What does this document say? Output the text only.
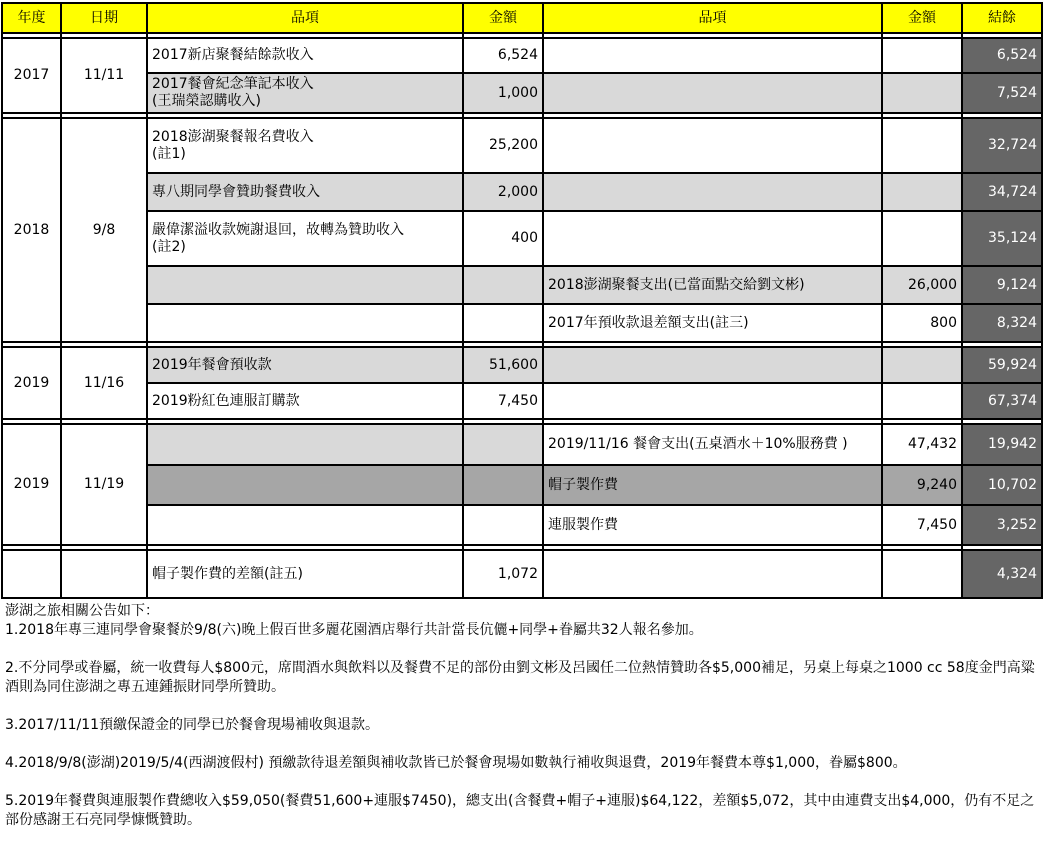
年度	日期	品項	金額	品項	金額	結餘

2017	11/11	2017新店聚餐結餘款收入	6,524			6,524
		2017餐會紀念筆記本收入
(王瑞榮認購收入)	1,000			7,524

2018	9/8	2018澎湖聚餐報名費收入
(註1)	25,200			32,724
		專八期同學會贊助餐費收入	2,000			34,724
		嚴偉潔溢收款婉謝退回，故轉為贊助收入
(註2)	400			35,124
				2018澎湖聚餐支出(已當面點交給劉文彬)	26,000	9,124
				2017年預收款退差額支出(註三)	800	8,324

2019	11/16	2019年餐會預收款	51,600			59,924
		2019粉紅色連服訂購款	7,450			67,374

2019	11/19			2019/11/16 餐會支出(五桌酒水＋10%服務費 )	47,432	19,942
				帽子製作費	9,240	10,702
				連服製作費	7,450	3,252

		帽子製作費的差額(註五)	1,072			4,324

澎湖之旅相關公告如下：

1.2018年專三連同學會聚餐於9/8(六)晚上假百世多麗花園酒店舉行共計當長伉儷+同學+眷屬共32人報名參加。

2.不分同學或眷屬，統一收費每人$800元，席間酒水與飲料以及餐費不足的部份由劉文彬及呂國任二位熱情贊助各$5,000補足，另桌上每桌之1000 cc 58度金門高粱酒則為同住澎湖之專五連鍾振財同學所贊助。

3.2017/11/11預繳保證金的同學已於餐會現場補收與退款。

4.2018/9/8(澎湖)2019/5/4(西湖渡假村) 預繳款待退差額與補收款皆已於餐會現場如數執行補收與退費，2019年餐費本尊$1,000，眷屬$800。

5.2019年餐費與連服製作費總收入$59,050(餐費51,600+連服$7450)，總支出(含餐費+帽子+連服)$64,122，差額$5,072，其中由連費支出$4,000，仍有不足之部份感謝王石亮同學慷慨贊助。
